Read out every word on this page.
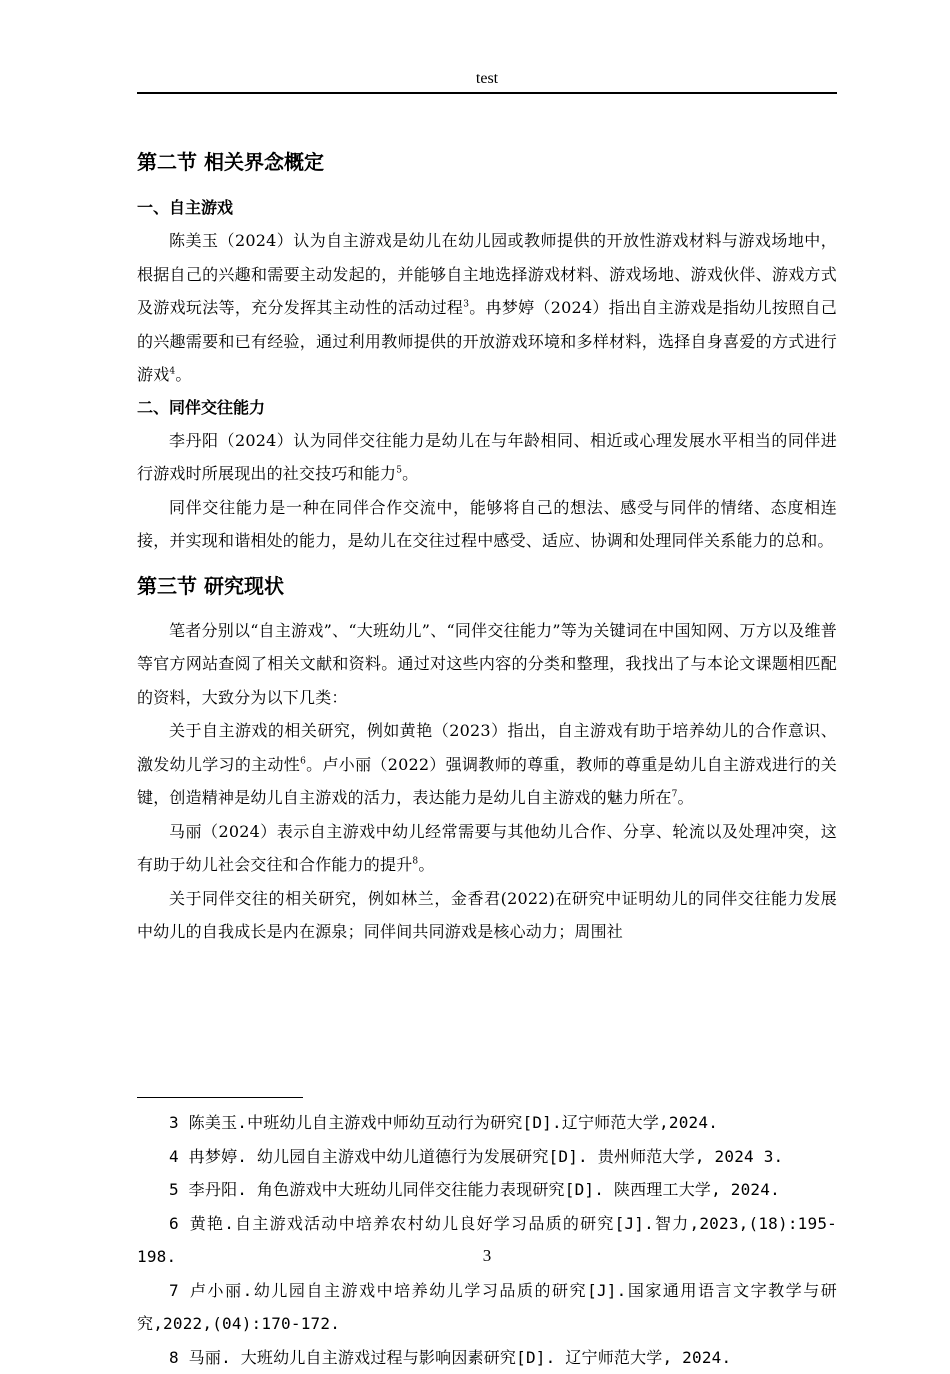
test
第二节 相关界念概定
一、自主游戏

陈美玉（2024）认为自主游戏是幼儿在幼儿园或教师提供的开放性游戏材料与游戏场地中，根据自己的兴趣和需要主动发起的，并能够自主地选择游戏材料、游戏场地、游戏伙伴、游戏方式及游戏玩法等，充分发挥其主动性的活动过程$^3$。冉梦婷（2024）指出自主游戏是指幼儿按照自己的兴趣需要和已有经验，通过利用教师提供的开放游戏环境和多样材料，选择自身喜爱的方式进行游戏$^4$。

二、同伴交往能力

李丹阳（2024）认为同伴交往能力是幼儿在与年龄相同、相近或心理发展水平相当的同伴进行游戏时所展现出的社交技巧和能力$^5$。

同伴交往能力是一种在同伴合作交流中，能够将自己的想法、感受与同伴的情绪、态度相连接，并实现和谐相处的能力，是幼儿在交往过程中感受、适应、协调和处理同伴关系能力的总和。

第三节 研究现状

笔者分别以“自主游戏”、“大班幼儿”、“同伴交往能力”等为关键词在中国知网、万方以及维普等官方网站查阅了相关文献和资料。通过对这些内容的分类和整理，我找出了与本论文课题相匹配的资料，大致分为以下几类：

关于自主游戏的相关研究，例如黄艳（2023）指出，自主游戏有助于培养幼儿的合作意识、激发幼儿学习的主动性$^6$。卢小丽（2022）强调教师的尊重，教师的尊重是幼儿自主游戏进行的关键，创造精神是幼儿自主游戏的活力，表达能力是幼儿自主游戏的魅力所在$^7$。

马丽（2024）表示自主游戏中幼儿经常需要与其他幼儿合作、分享、轮流以及处理冲突，这有助于幼儿社会交往和合作能力的提升$^8$。

关于同伴交往的相关研究，例如林兰，金香君(2022)在研究中证明幼儿的同伴交往能力发展中幼儿的自我成长是内在源泉；同伴间共同游戏是核心动力；周围社

3 陈美玉.中班幼儿自主游戏中师幼互动行为研究[D].辽宁师范大学,2024.

4 冉梦婷. 幼儿园自主游戏中幼儿道德行为发展研究[D]. 贵州师范大学, 2024 3.

5 李丹阳. 角色游戏中大班幼儿同伴交往能力表现研究[D]. 陕西理工大学, 2024.

6 黄艳.自主游戏活动中培养农村幼儿良好学习品质的研究[J].智力,2023,(18):195-198.

7 卢小丽.幼儿园自主游戏中培养幼儿学习品质的研究[J].国家通用语言文字教学与研究,2022,(04):170-172.

8 马丽. 大班幼儿自主游戏过程与影响因素研究[D]. 辽宁师范大学, 2024.

3
